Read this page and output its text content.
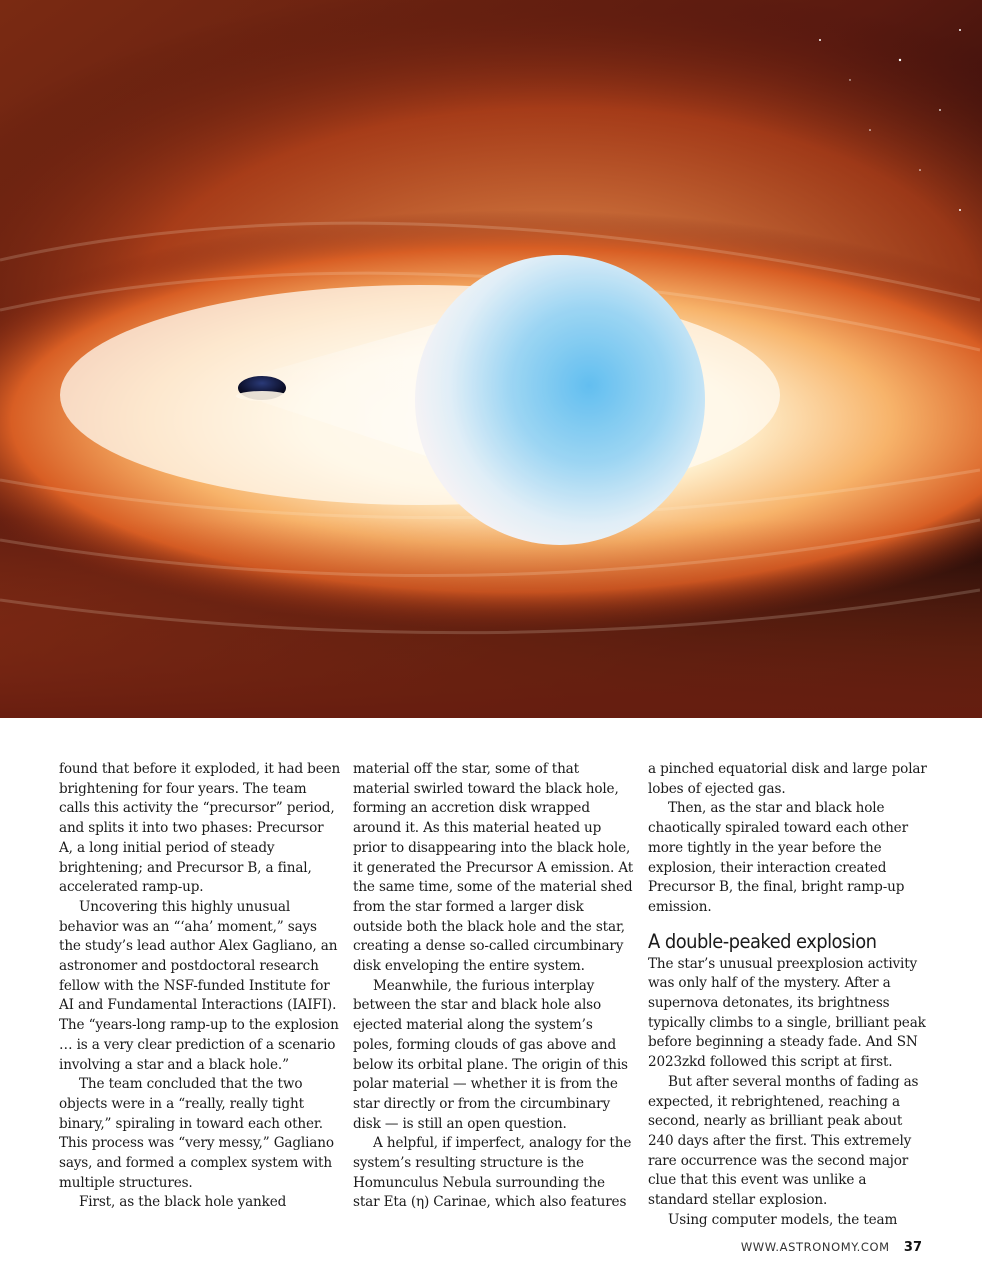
found that before it exploded, it had been brightening for four years. The team calls this activity the “precursor” period, and splits it into two phases: Precursor A, a long initial period of steady brightening; and Precursor B, a final, accelerated ramp-up.

Uncovering this highly unusual behavior was an “‘aha’ moment,” says the study’s lead author Alex Gagliano, an astronomer and postdoctoral research fellow with the NSF-funded Institute for AI and Fundamental Interactions (IAIFI). The “years-long ramp-up to the explosion … is a very clear prediction of a scenario involving a star and a black hole.”

The team concluded that the two objects were in a “really, really tight binary,” spiraling in toward each other. This process was “very messy,” Gagliano says, and formed a complex system with multiple structures.

First, as the black hole yanked

material off the star, some of that material swirled toward the black hole, forming an accretion disk wrapped around it. As this material heated up prior to disappearing into the black hole, it generated the Precursor A emission. At the same time, some of the material shed from the star formed a larger disk outside both the black hole and the star, creating a dense so-called circumbinary disk enveloping the entire system.

Meanwhile, the furious interplay between the star and black hole also ejected material along the system’s poles, forming clouds of gas above and below its orbital plane. The origin of this polar material — whether it is from the star directly or from the circumbinary disk — is still an open question.

A helpful, if imperfect, analogy for the system’s resulting structure is the Homunculus Nebula surrounding the star Eta (η) Carinae, which also features

a pinched equatorial disk and large polar lobes of ejected gas.

Then, as the star and black hole chaotically spiraled toward each other more tightly in the year before the explosion, their interaction created Precursor B, the final, bright ramp-up emission.

A double-peaked explosion

The star’s unusual preexplosion activity was only half of the mystery. After a supernova detonates, its brightness typically climbs to a single, brilliant peak before beginning a steady fade. And SN 2023zkd followed this script at first.

But after several months of fading as expected, it rebrightened, reaching a second, nearly as brilliant peak about 240 days after the first. This extremely rare occurrence was the second major clue that this event was unlike a standard stellar explosion.

Using computer models, the team

WWW.ASTRONOMY.COM 37
